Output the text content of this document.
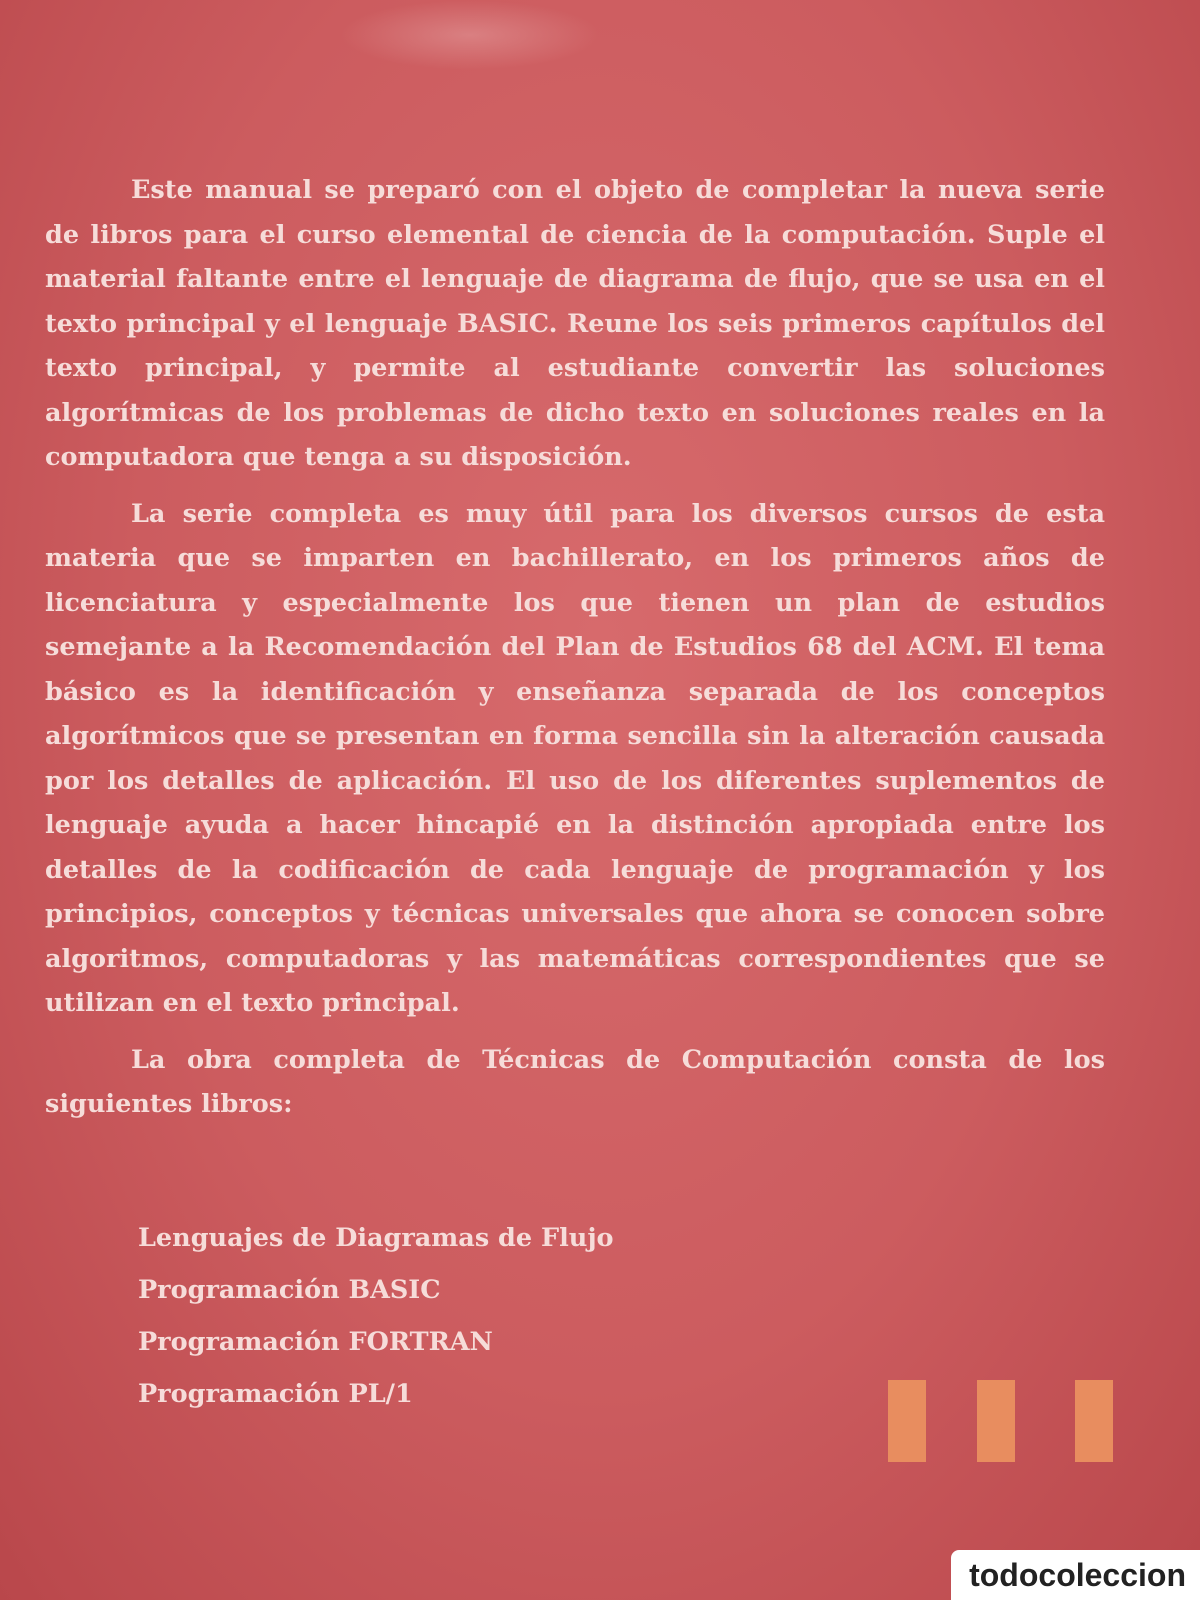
Este manual se preparó con el objeto de completar la nueva serie de libros para el curso elemental de ciencia de la computación. Suple el material faltante entre el lenguaje de diagrama de flujo, que se usa en el texto principal y el lenguaje BASIC. Reune los seis primeros capítulos del texto principal, y permite al estudiante convertir las soluciones algorítmicas de los problemas de dicho texto en soluciones reales en la computadora que tenga a su disposición.

La serie completa es muy útil para los diversos cursos de esta materia que se imparten en bachillerato, en los primeros años de licenciatura y especialmente los que tienen un plan de estudios semejante a la Recomendación del Plan de Estudios 68 del ACM. El tema básico es la identificación y enseñanza separada de los conceptos algorítmicos que se presentan en forma sencilla sin la alteración causada por los detalles de aplicación. El uso de los diferentes suplementos de lenguaje ayuda a hacer hincapié en la distinción apropiada entre los detalles de la codificación de cada lenguaje de programación y los principios, conceptos y técnicas universales que ahora se conocen sobre algoritmos, computadoras y las matemáticas correspondientes que se utilizan en el texto principal.

La obra completa de Técnicas de Computación consta de los siguientes libros:

Lenguajes de Diagramas de Flujo
Programación BASIC
Programación FORTRAN
Programación PL/1
todocoleccion
